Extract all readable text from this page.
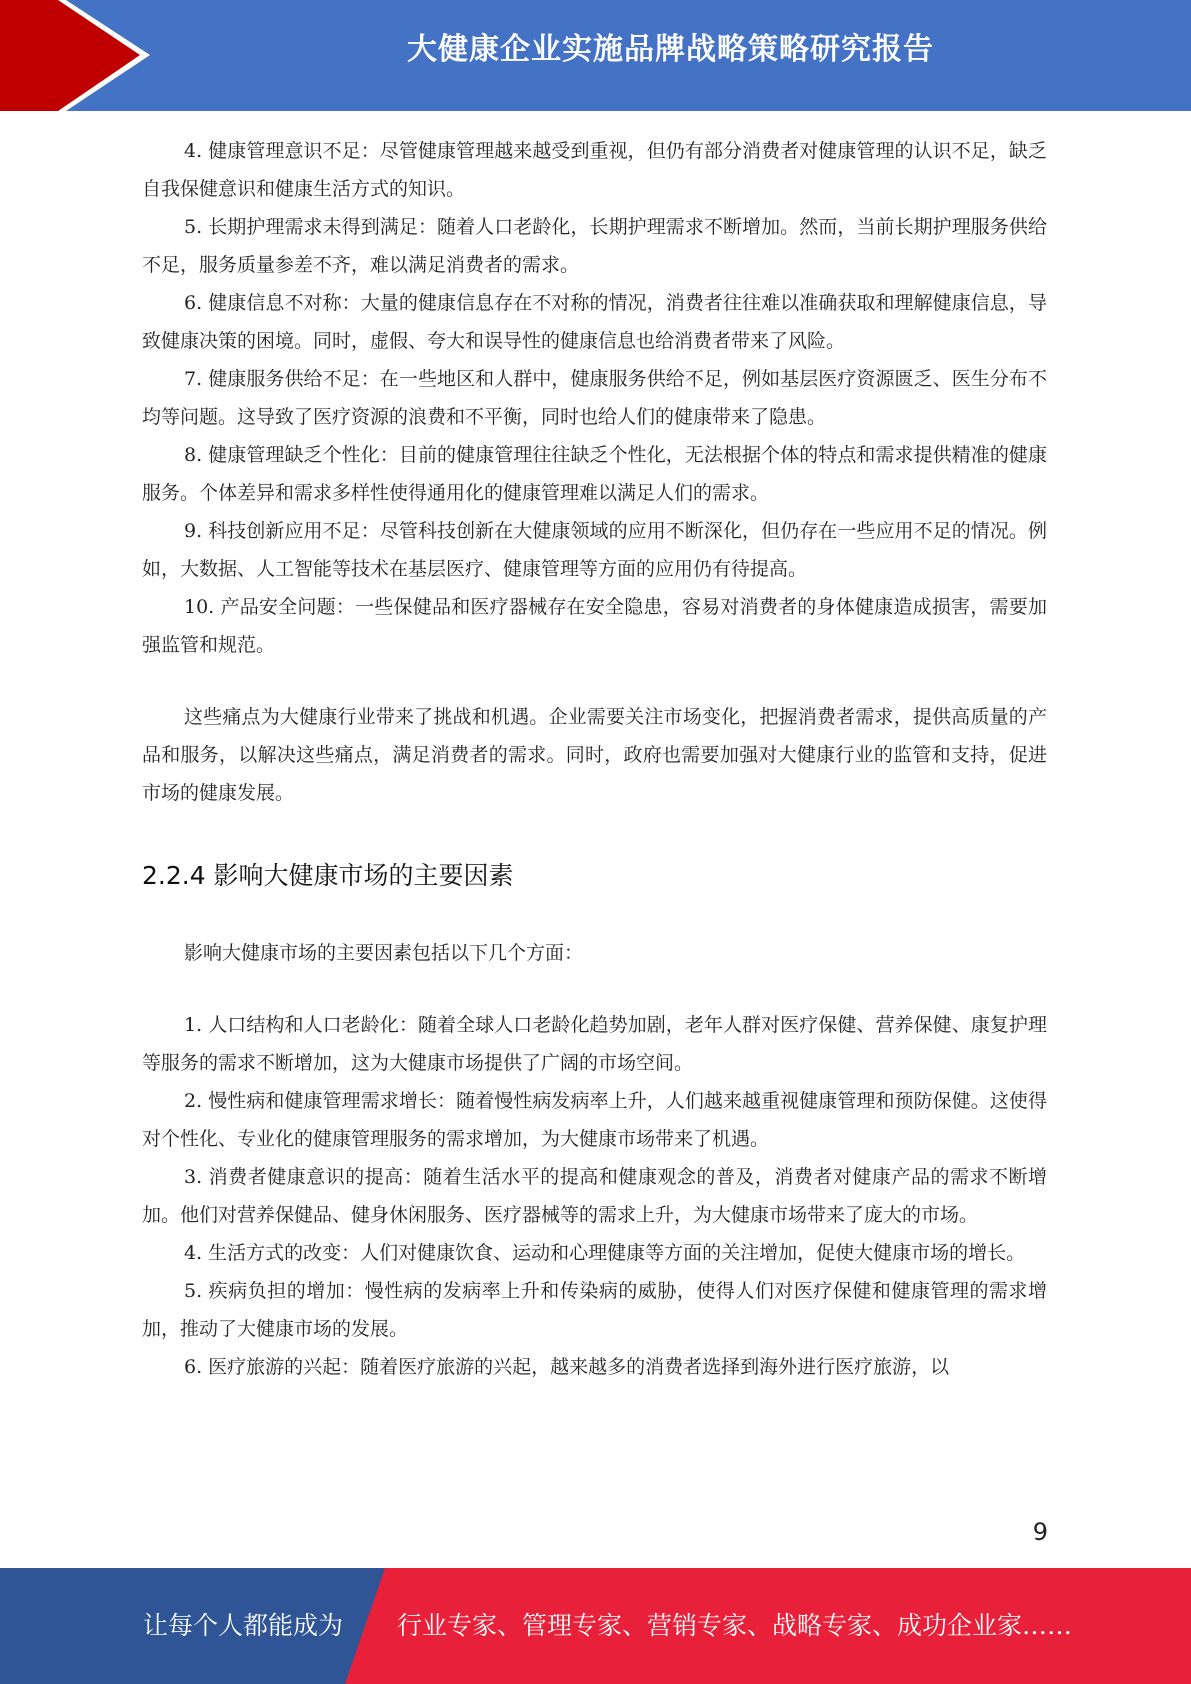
大健康企业实施品牌战略策略研究报告

4. 健康管理意识不足：尽管健康管理越来越受到重视，但仍有部分消费者对健康管理的认识不足，缺乏自我保健意识和健康生活方式的知识。

5. 长期护理需求未得到满足：随着人口老龄化，长期护理需求不断增加。然而，当前长期护理服务供给不足，服务质量参差不齐，难以满足消费者的需求。

6. 健康信息不对称：大量的健康信息存在不对称的情况，消费者往往难以准确获取和理解健康信息，导致健康决策的困境。同时，虚假、夸大和误导性的健康信息也给消费者带来了风险。

7. 健康服务供给不足：在一些地区和人群中，健康服务供给不足，例如基层医疗资源匮乏、医生分布不均等问题。这导致了医疗资源的浪费和不平衡，同时也给人们的健康带来了隐患。

8. 健康管理缺乏个性化：目前的健康管理往往缺乏个性化，无法根据个体的特点和需求提供精准的健康服务。个体差异和需求多样性使得通用化的健康管理难以满足人们的需求。

9. 科技创新应用不足：尽管科技创新在大健康领域的应用不断深化，但仍存在一些应用不足的情况。例如，大数据、人工智能等技术在基层医疗、健康管理等方面的应用仍有待提高。

10. 产品安全问题：一些保健品和医疗器械存在安全隐患，容易对消费者的身体健康造成损害，需要加强监管和规范。

这些痛点为大健康行业带来了挑战和机遇。企业需要关注市场变化，把握消费者需求，提供高质量的产品和服务，以解决这些痛点，满足消费者的需求。同时，政府也需要加强对大健康行业的监管和支持，促进市场的健康发展。

2.2.4 影响大健康市场的主要因素

影响大健康市场的主要因素包括以下几个方面：

1. 人口结构和人口老龄化：随着全球人口老龄化趋势加剧，老年人群对医疗保健、营养保健、康复护理等服务的需求不断增加，这为大健康市场提供了广阔的市场空间。

2. 慢性病和健康管理需求增长：随着慢性病发病率上升，人们越来越重视健康管理和预防保健。这使得对个性化、专业化的健康管理服务的需求增加，为大健康市场带来了机遇。

3. 消费者健康意识的提高：随着生活水平的提高和健康观念的普及，消费者对健康产品的需求不断增加。他们对营养保健品、健身休闲服务、医疗器械等的需求上升，为大健康市场带来了庞大的市场。

4. 生活方式的改变：人们对健康饮食、运动和心理健康等方面的关注增加，促使大健康市场的增长。

5. 疾病负担的增加：慢性病的发病率上升和传染病的威胁，使得人们对医疗保健和健康管理的需求增加，推动了大健康市场的发展。

6. 医疗旅游的兴起：随着医疗旅游的兴起，越来越多的消费者选择到海外进行医疗旅游，以

9
让每个人都能成为 行业专家、管理专家、营销专家、战略专家、成功企业家……
